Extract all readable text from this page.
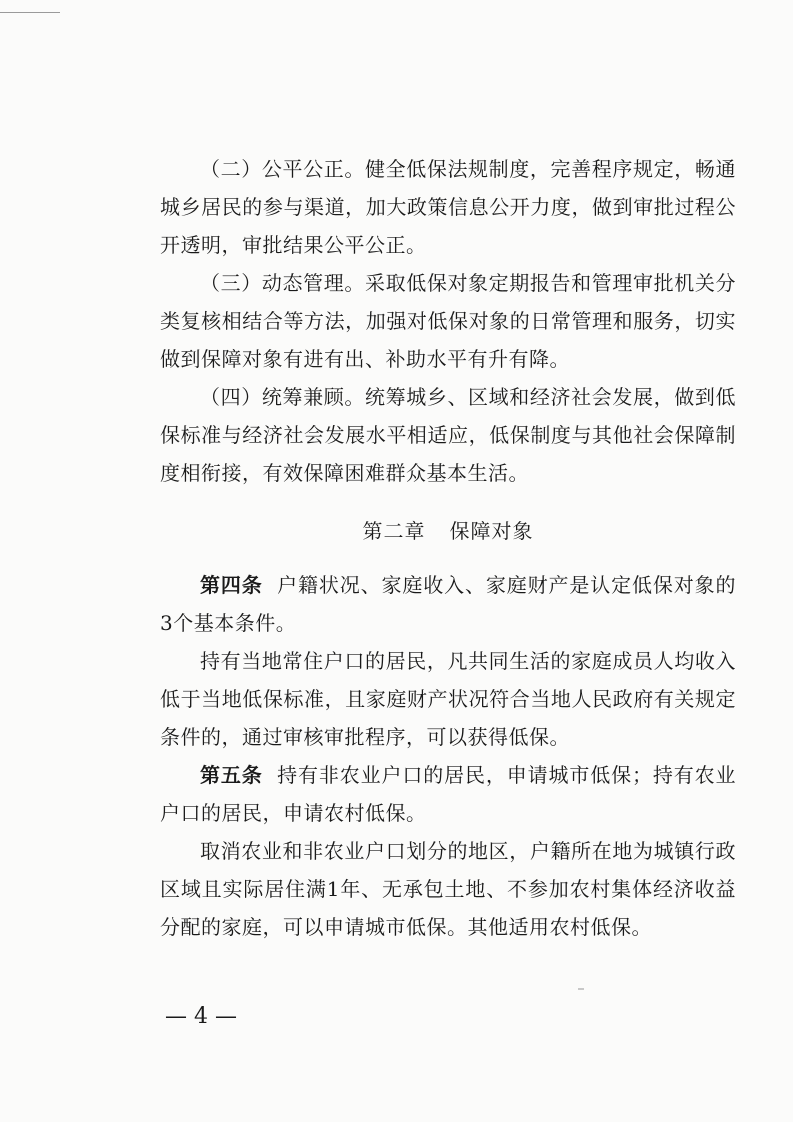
（二）公平公正。健全低保法规制度，完善程序规定，畅通城乡居民的参与渠道，加大政策信息公开力度，做到审批过程公开透明，审批结果公平公正。

（三）动态管理。采取低保对象定期报告和管理审批机关分类复核相结合等方法，加强对低保对象的日常管理和服务，切实做到保障对象有进有出、补助水平有升有降。

（四）统筹兼顾。统筹城乡、区域和经济社会发展，做到低保标准与经济社会发展水平相适应，低保制度与其他社会保障制度相衔接，有效保障困难群众基本生活。

第二章 保障对象

第四条 户籍状况、家庭收入、家庭财产是认定低保对象的3个基本条件。

持有当地常住户口的居民，凡共同生活的家庭成员人均收入低于当地低保标准，且家庭财产状况符合当地人民政府有关规定条件的，通过审核审批程序，可以获得低保。

第五条 持有非农业户口的居民，申请城市低保；持有农业户口的居民，申请农村低保。

取消农业和非农业户口划分的地区，户籍所在地为城镇行政区域且实际居住满1年、无承包土地、不参加农村集体经济收益分配的家庭，可以申请城市低保。其他适用农村低保。

— 4 —
